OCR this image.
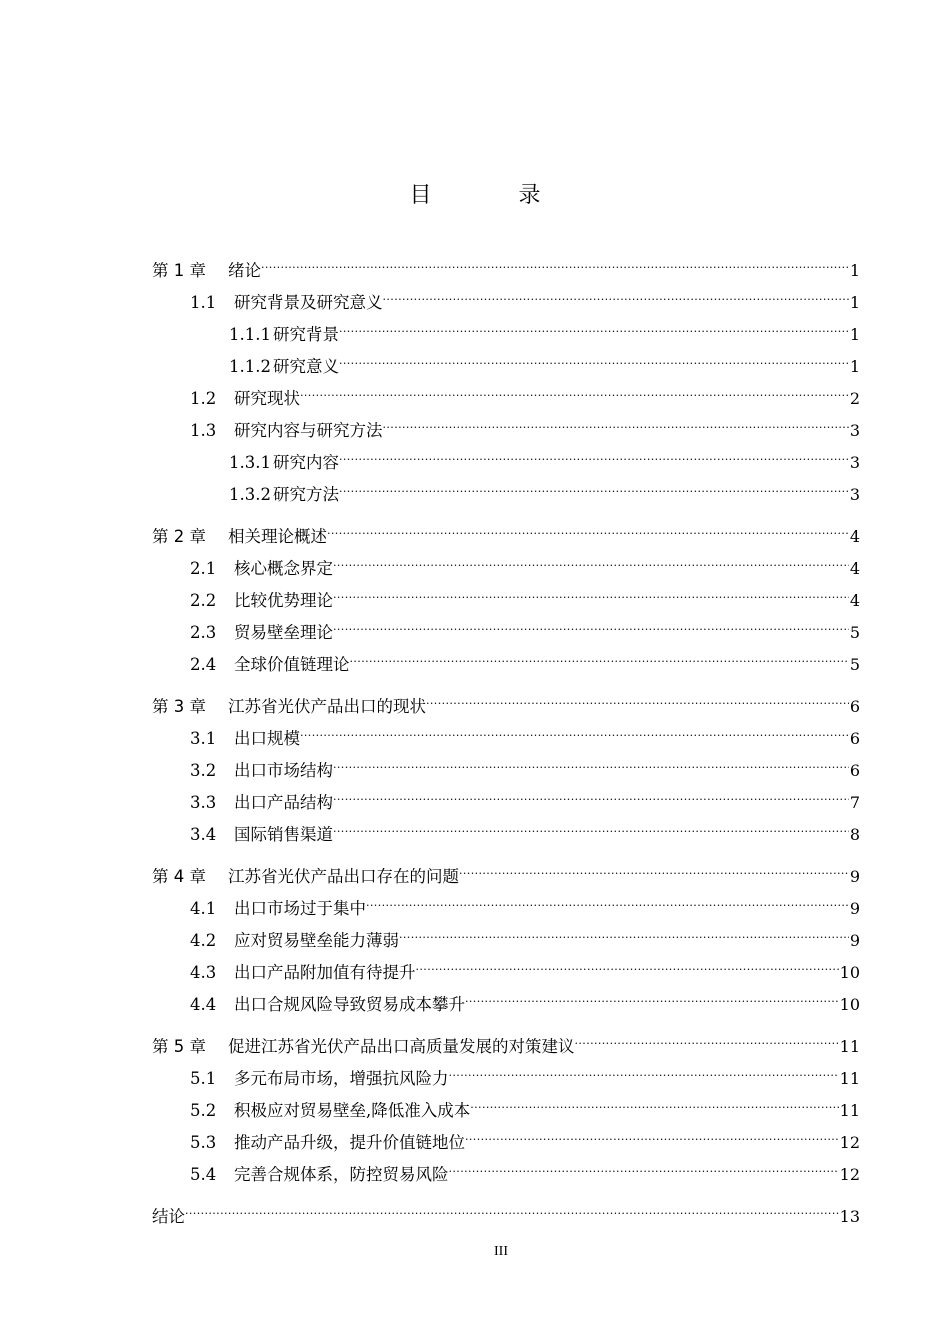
目 录
第 1 章	绪论 .....	1
1.1	研究背景及研究意义 .....	1
1.1.1 研究背景 .....	1
1.1.2 研究意义 .....	1
1.2	研究现状 .....	2
1.3	研究内容与研究方法 .....	3
1.3.1 研究内容 .....	3
1.3.2 研究方法 .....	3
第 2 章	相关理论概述 .....	4
2.1	核心概念界定 .....	4
2.2	比较优势理论 .....	4
2.3	贸易壁垒理论 .....	5
2.4	全球价值链理论 .....	5
第 3 章	江苏省光伏产品出口的现状 .....	6
3.1	出口规模 .....	6
3.2	出口市场结构 .....	6
3.3	出口产品结构 .....	7
3.4	国际销售渠道 .....	8
第 4 章	江苏省光伏产品出口存在的问题 .....	9
4.1	出口市场过于集中 .....	9
4.2	应对贸易壁垒能力薄弱 .....	9
4.3	出口产品附加值有待提升 .....	10
4.4	出口合规风险导致贸易成本攀升 .....	10
第 5 章	促进江苏省光伏产品出口高质量发展的对策建议 .....	11
5.1	多元布局市场，增强抗风险力 .....	11
5.2	积极应对贸易壁垒,降低准入成本 .....	11
5.3	推动产品升级，提升价值链地位 .....	12
5.4	完善合规体系，防控贸易风险 .....	12
结论 .....	13
III
